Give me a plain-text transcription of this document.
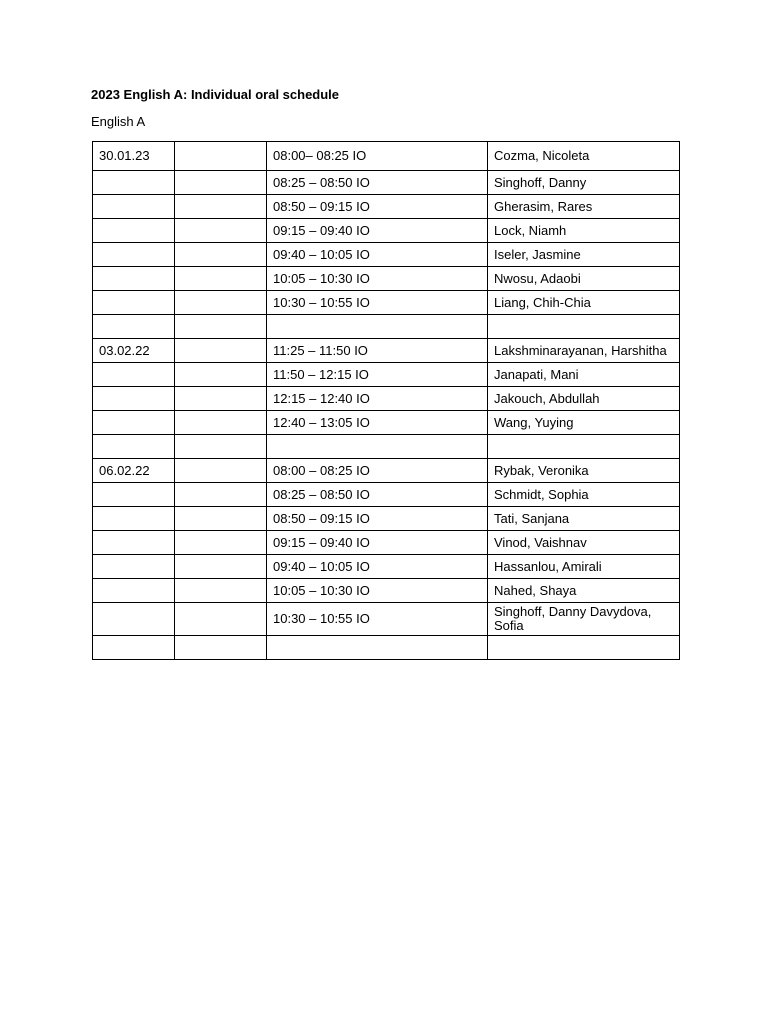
2023 English A: Individual oral schedule

English A

30.01.23		08:00– 08:25 IO	Cozma, Nicoleta
		08:25 – 08:50 IO	Singhoff, Danny
		08:50 – 09:15 IO	Gherasim, Rares
		09:15 – 09:40 IO	Lock, Niamh
		09:40 – 10:05 IO	Iseler, Jasmine
		10:05 – 10:30 IO	Nwosu, Adaobi
		10:30 – 10:55 IO	Liang, Chih-Chia

03.02.22		11:25 – 11:50 IO	Lakshminarayanan, Harshitha
		11:50 – 12:15 IO	Janapati, Mani
		12:15 – 12:40 IO	Jakouch, Abdullah
		12:40 – 13:05 IO	Wang, Yuying

06.02.22		08:00 – 08:25 IO	Rybak, Veronika
		08:25 – 08:50 IO	Schmidt, Sophia
		08:50 – 09:15 IO	Tati, Sanjana
		09:15 – 09:40 IO	Vinod, Vaishnav
		09:40 – 10:05 IO	Hassanlou, Amirali
		10:05 – 10:30 IO	Nahed, Shaya
		10:30 – 10:55 IO	Singhoff, Danny Davydova, Sofia
